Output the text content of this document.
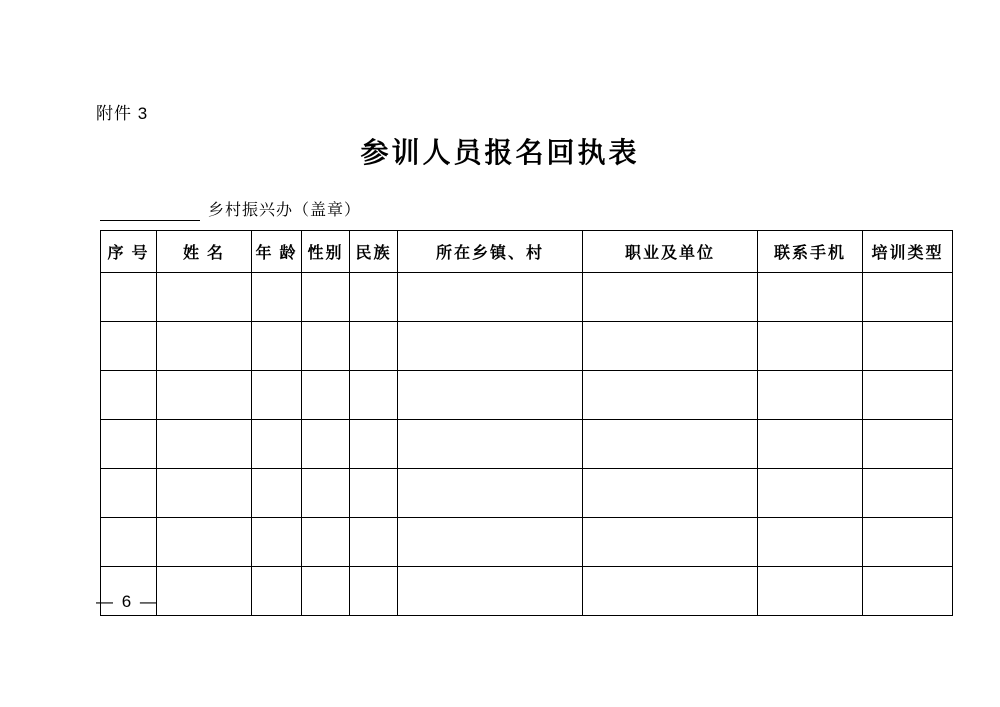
附件 3
参训人员报名回执表
乡村振兴办（盖章）
序 号	姓 名	年 龄	性别	民族	所在乡镇、村	职业及单位	联系手机	培训类型

— 6 —
